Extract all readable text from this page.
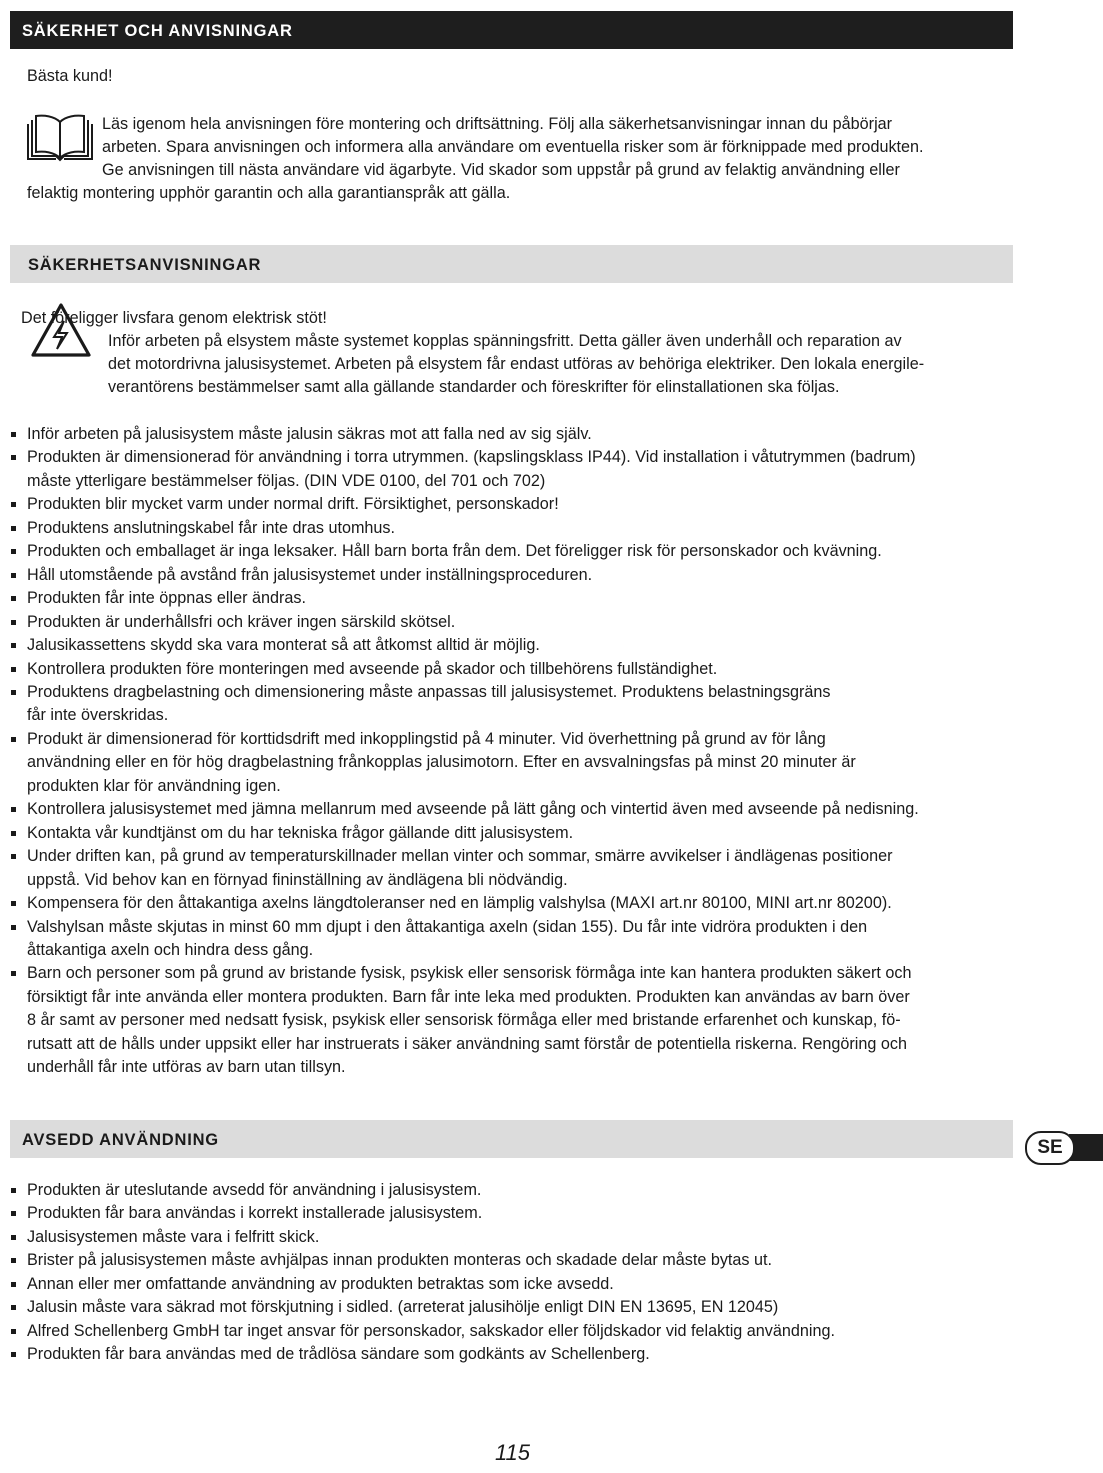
SÄKERHET OCH ANVISNINGAR
Bästa kund!
Läs igenom hela anvisningen före montering och driftsättning. Följ alla säkerhetsanvisningar innan du påbörjar
arbeten. Spara anvisningen och informera alla användare om eventuella risker som är förknippade med produkten.
Ge anvisningen till nästa användare vid ägarbyte. Vid skador som uppstår på grund av felaktig användning eller
felaktig montering upphör garantin och alla garantianspråk att gälla.
SÄKERHETSANVISNINGAR
Det föreligger livsfara genom elektrisk stöt!
Inför arbeten på elsystem måste systemet kopplas spänningsfritt. Detta gäller även underhåll och reparation av
det motordrivna jalusisystemet. Arbeten på elsystem får endast utföras av behöriga elektriker. Den lokala energile-
verantörens bestämmelser samt alla gällande standarder och föreskrifter för elinstallationen ska följas.
Inför arbeten på jalusisystem måste jalusin säkras mot att falla ned av sig själv.
Produkten är dimensionerad för användning i torra utrymmen. (kapslingsklass IP44). Vid installation i våtutrymmen (badrum)
måste ytterligare bestämmelser följas. (DIN VDE 0100, del 701 och 702)
Produkten blir mycket varm under normal drift. Försiktighet, personskador!
Produktens anslutningskabel får inte dras utomhus.
Produkten och emballaget är inga leksaker. Håll barn borta från dem. Det föreligger risk för personskador och kvävning.
Håll utomstående på avstånd från jalusisystemet under inställningsproceduren.
Produkten får inte öppnas eller ändras.
Produkten är underhållsfri och kräver ingen särskild skötsel.
Jalusikassettens skydd ska vara monterat så att åtkomst alltid är möjlig.
Kontrollera produkten före monteringen med avseende på skador och tillbehörens fullständighet.
Produktens dragbelastning och dimensionering måste anpassas till jalusisystemet. Produktens belastningsgräns
får inte överskridas.
Produkt är dimensionerad för korttidsdrift med inkopplingstid på 4 minuter. Vid överhettning på grund av för lång
användning eller en för hög dragbelastning frånkopplas jalusimotorn. Efter en avsvalningsfas på minst 20 minuter är
produkten klar för användning igen.
Kontrollera jalusisystemet med jämna mellanrum med avseende på lätt gång och vintertid även med avseende på nedisning.
Kontakta vår kundtjänst om du har tekniska frågor gällande ditt jalusisystem.
Under driften kan, på grund av temperaturskillnader mellan vinter och sommar, smärre avvikelser i ändlägenas positioner
uppstå. Vid behov kan en förnyad fininställning av ändlägena bli nödvändig.
Kompensera för den åttakantiga axelns längdtoleranser ned en lämplig valshylsa (MAXI art.nr 80100, MINI art.nr 80200).
Valshylsan måste skjutas in minst 60 mm djupt i den åttakantiga axeln (sidan 155). Du får inte vidröra produkten i den
åttakantiga axeln och hindra dess gång.
Barn och personer som på grund av bristande fysisk, psykisk eller sensorisk förmåga inte kan hantera produkten säkert och
försiktigt får inte använda eller montera produkten. Barn får inte leka med produkten. Produkten kan användas av barn över
8 år samt av personer med nedsatt fysisk, psykisk eller sensorisk förmåga eller med bristande erfarenhet och kunskap, fö-
rutsatt att de hålls under uppsikt eller har instruerats i säker användning samt förstår de potentiella riskerna. Rengöring och
underhåll får inte utföras av barn utan tillsyn.
AVSEDD ANVÄNDNING	SE
Produkten är uteslutande avsedd för användning i jalusisystem.
Produkten får bara användas i korrekt installerade jalusisystem.
Jalusisystemen måste vara i felfritt skick.
Brister på jalusisystemen måste avhjälpas innan produkten monteras och skadade delar måste bytas ut.
Annan eller mer omfattande användning av produkten betraktas som icke avsedd.
Jalusin måste vara säkrad mot förskjutning i sidled. (arreterat jalusihölje enligt DIN EN 13695, EN 12045)
Alfred Schellenberg GmbH tar inget ansvar för personskador, sakskador eller följdskador vid felaktig användning.
Produkten får bara användas med de trådlösa sändare som godkänts av Schellenberg.
115
